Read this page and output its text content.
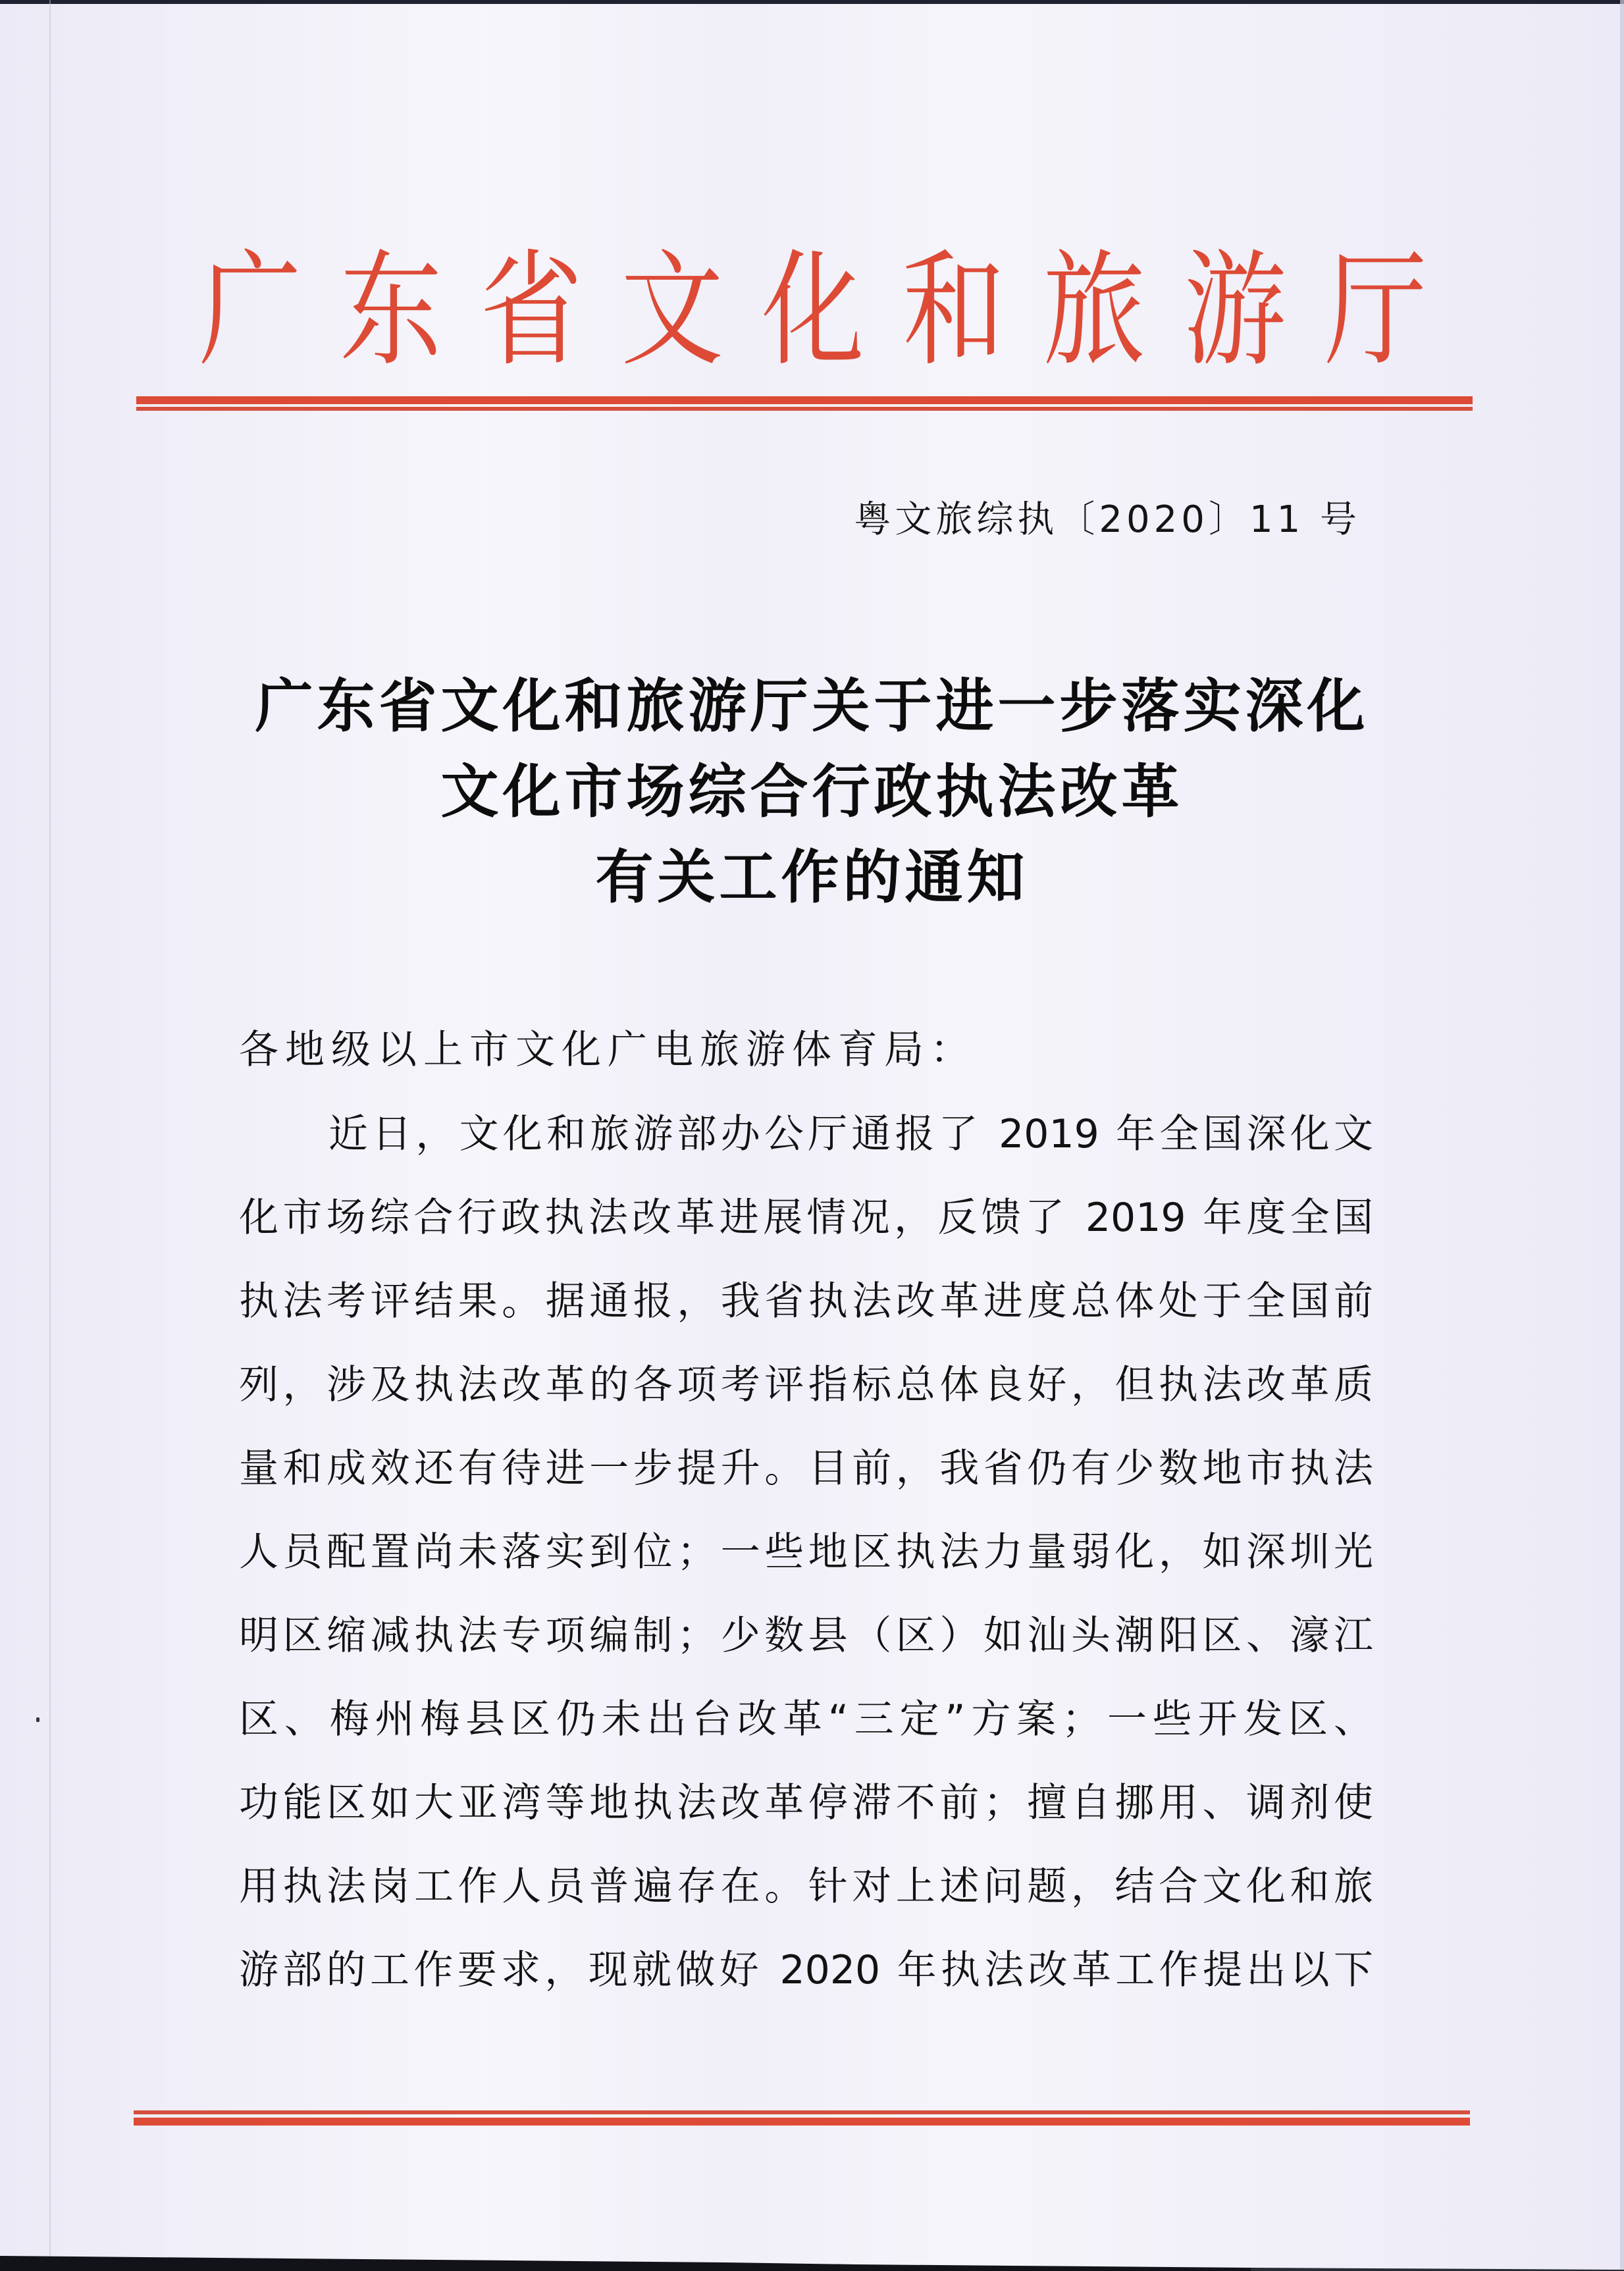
广 东 省 文 化 和 旅 游 厅
粤文旅综执〔2020〕11 号
广东省文化和旅游厅关于进一步落实深化
文化市场综合行政执法改革
有关工作的通知
各地级以上市文化广电旅游体育局：
近日，文化和旅游部办公厅通报了 2019 年全国深化文
化市场综合行政执法改革进展情况，反馈了 2019 年度全国
执法考评结果。据通报，我省执法改革进度总体处于全国前
列，涉及执法改革的各项考评指标总体良好，但执法改革质
量和成效还有待进一步提升。目前，我省仍有少数地市执法
人员配置尚未落实到位；一些地区执法力量弱化，如深圳光
明区缩减执法专项编制；少数县（区）如汕头潮阳区、濠江
区、梅州梅县区仍未出台改革“三定”方案；一些开发区、
功能区如大亚湾等地执法改革停滞不前；擅自挪用、调剂使
用执法岗工作人员普遍存在。针对上述问题，结合文化和旅
游部的工作要求，现就做好 2020 年执法改革工作提出以下
